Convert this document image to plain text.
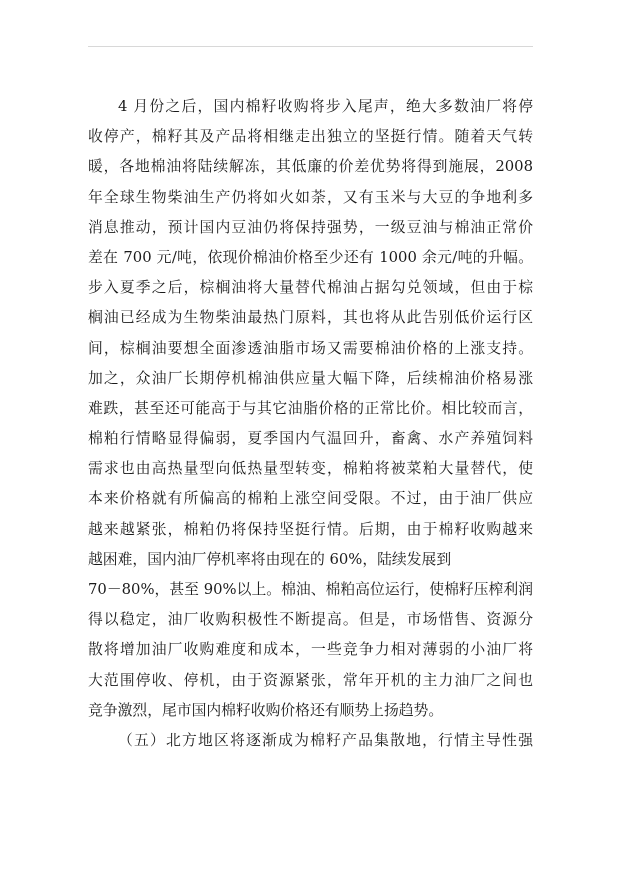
4 月份之后，国内棉籽收购将步入尾声，绝大多数油厂将停
收停产，棉籽其及产品将相继走出独立的坚挺行情。随着天气转
暖，各地棉油将陆续解冻，其低廉的价差优势将得到施展，2008
年全球生物柴油生产仍将如火如荼，又有玉米与大豆的争地利多
消息推动，预计国内豆油仍将保持强势，一级豆油与棉油正常价
差在 700 元/吨，依现价棉油价格至少还有 1000 余元/吨的升幅。
步入夏季之后，棕榈油将大量替代棉油占据勾兑领域，但由于棕
榈油已经成为生物柴油最热门原料，其也将从此告别低价运行区
间，棕榈油要想全面渗透油脂市场又需要棉油价格的上涨支持。
加之，众油厂长期停机棉油供应量大幅下降，后续棉油价格易涨
难跌，甚至还可能高于与其它油脂价格的正常比价。相比较而言，
棉粕行情略显得偏弱，夏季国内气温回升，畜禽、水产养殖饲料
需求也由高热量型向低热量型转变，棉粕将被菜粕大量替代，使
本来价格就有所偏高的棉粕上涨空间受限。不过，由于油厂供应
越来越紧张，棉粕仍将保持坚挺行情。后期，由于棉籽收购越来
越困难，国内油厂停机率将由现在的 60%，陆续发展到
70－80%，甚至 90%以上。棉油、棉粕高位运行，使棉籽压榨利润
得以稳定，油厂收购积极性不断提高。但是，市场惜售、资源分
散将增加油厂收购难度和成本，一些竞争力相对薄弱的小油厂将
大范围停收、停机，由于资源紧张，常年开机的主力油厂之间也
竞争激烈，尾市国内棉籽收购价格还有顺势上扬趋势。
（五）北方地区将逐渐成为棉籽产品集散地，行情主导性强
